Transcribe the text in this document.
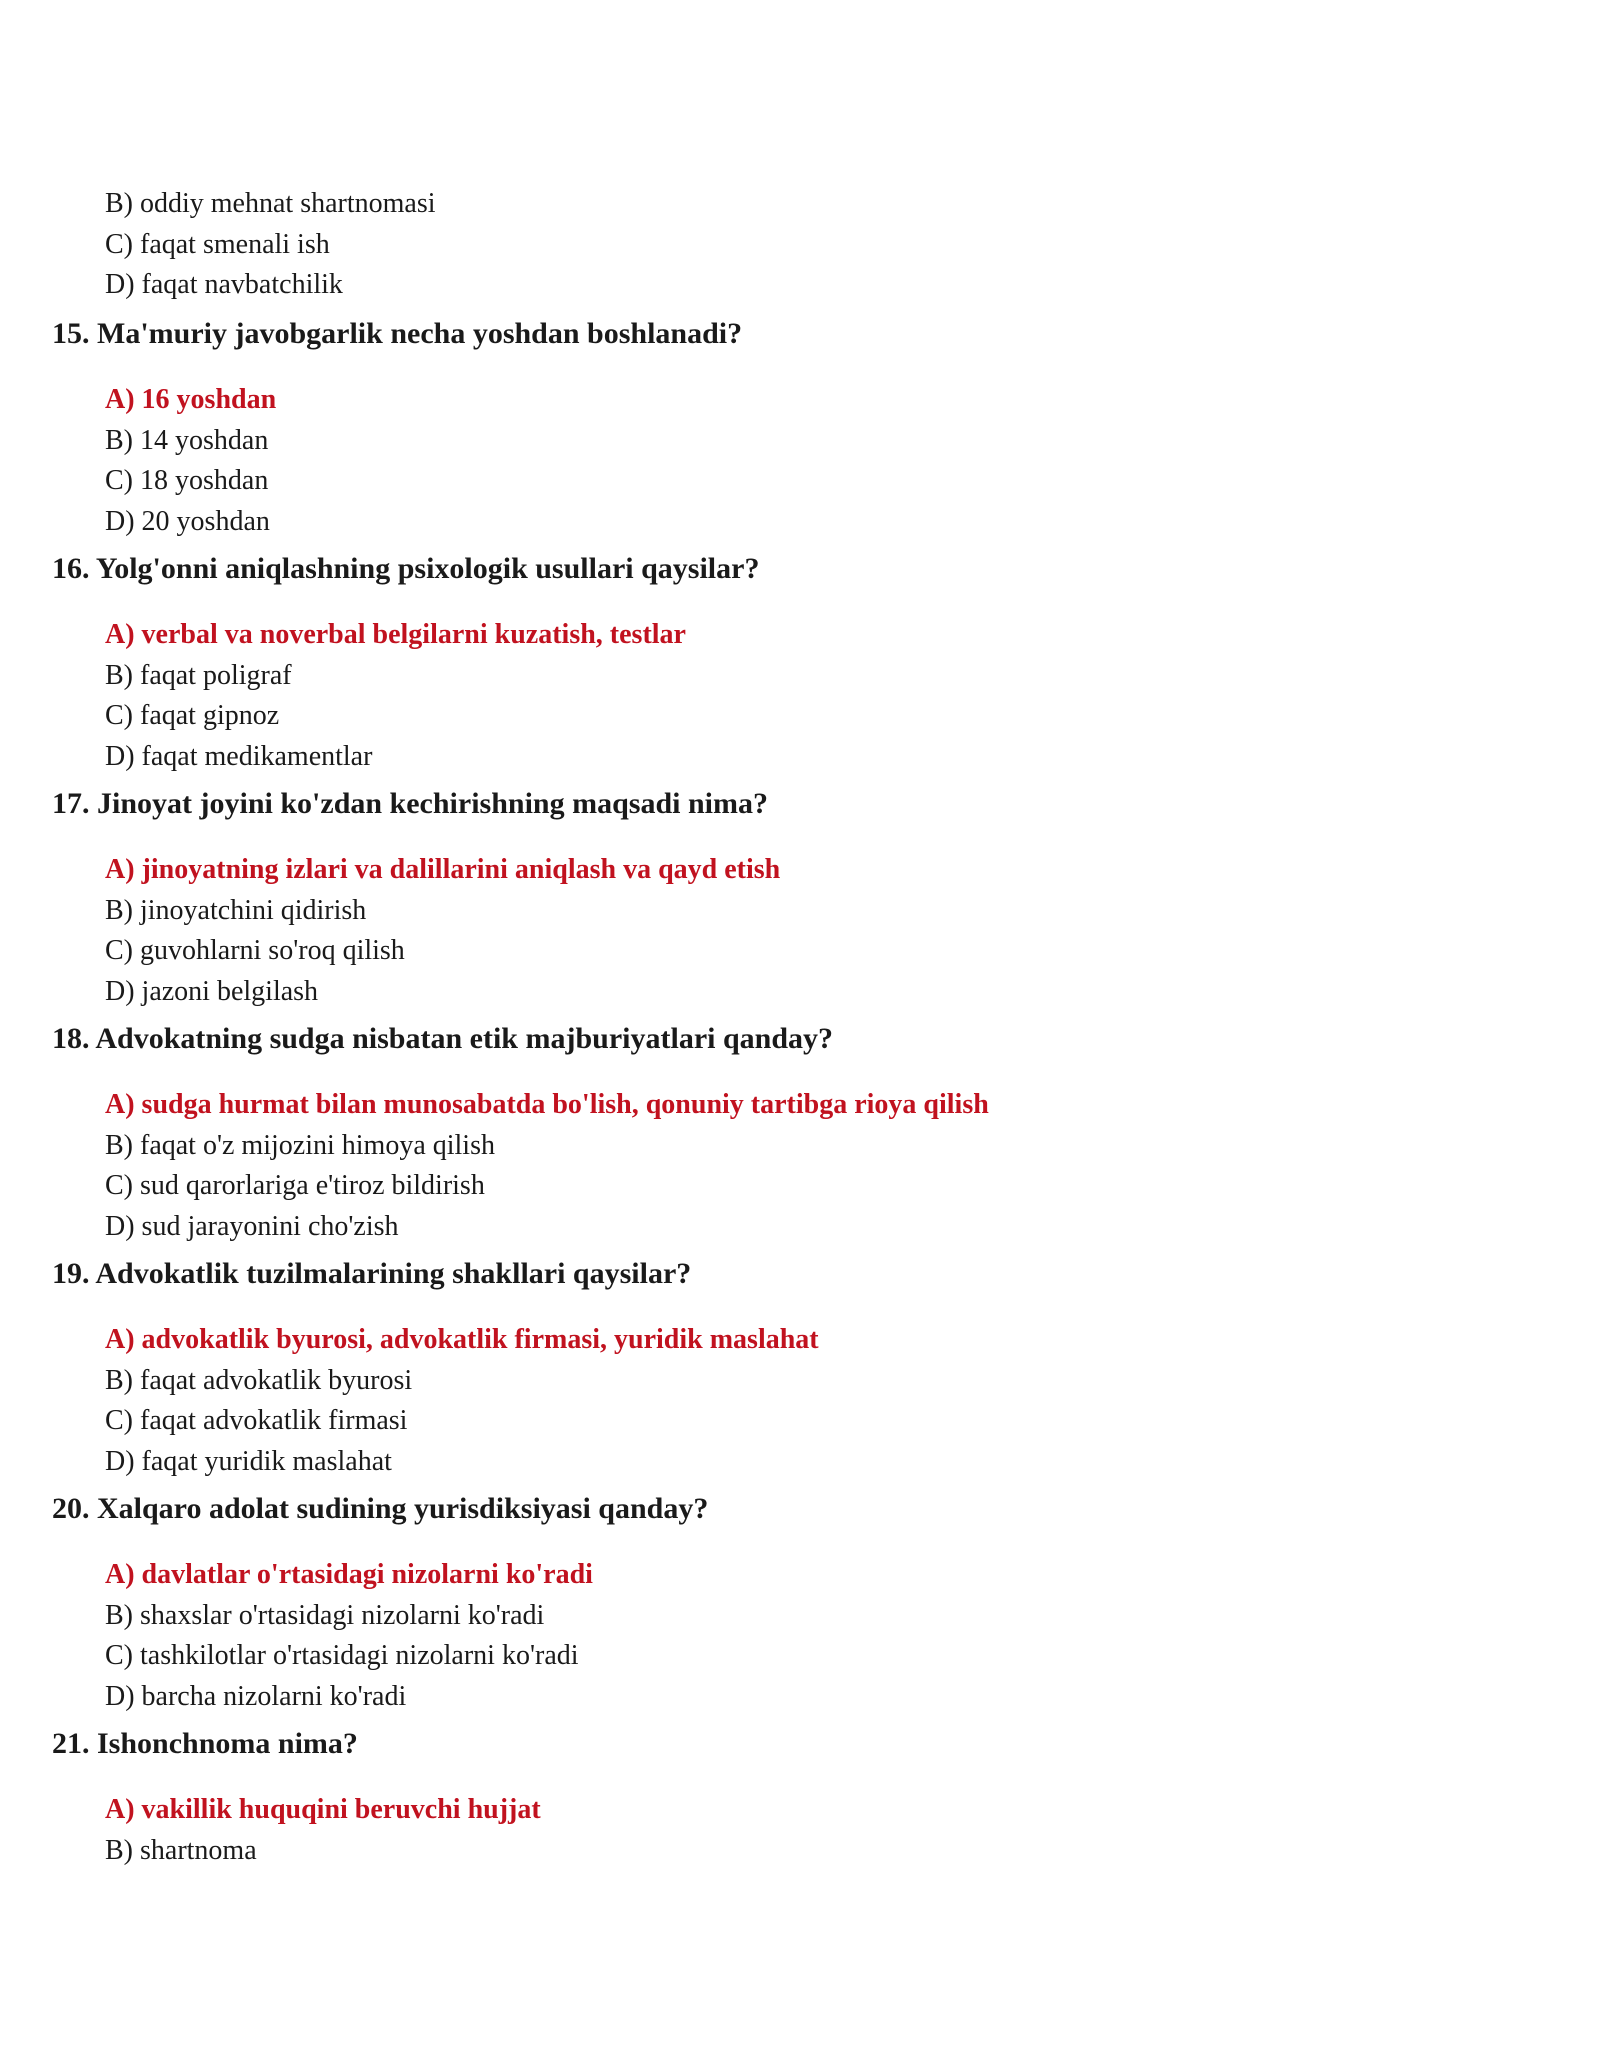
B) oddiy mehnat shartnomasi
C) faqat smenali ish
D) faqat navbatchilik
15. Ma'muriy javobgarlik necha yoshdan boshlanadi?
A) 16 yoshdan
B) 14 yoshdan
C) 18 yoshdan
D) 20 yoshdan
16. Yolg'onni aniqlashning psixologik usullari qaysilar?
A) verbal va noverbal belgilarni kuzatish, testlar
B) faqat poligraf
C) faqat gipnoz
D) faqat medikamentlar
17. Jinoyat joyini ko'zdan kechirishning maqsadi nima?
A) jinoyatning izlari va dalillarini aniqlash va qayd etish
B) jinoyatchini qidirish
C) guvohlarni so'roq qilish
D) jazoni belgilash
18. Advokatning sudga nisbatan etik majburiyatlari qanday?
A) sudga hurmat bilan munosabatda bo'lish, qonuniy tartibga rioya qilish
B) faqat o'z mijozini himoya qilish
C) sud qarorlariga e'tiroz bildirish
D) sud jarayonini cho'zish
19. Advokatlik tuzilmalarining shakllari qaysilar?
A) advokatlik byurosi, advokatlik firmasi, yuridik maslahat
B) faqat advokatlik byurosi
C) faqat advokatlik firmasi
D) faqat yuridik maslahat
20. Xalqaro adolat sudining yurisdiksiyasi qanday?
A) davlatlar o'rtasidagi nizolarni ko'radi
B) shaxslar o'rtasidagi nizolarni ko'radi
C) tashkilotlar o'rtasidagi nizolarni ko'radi
D) barcha nizolarni ko'radi
21. Ishonchnoma nima?
A) vakillik huquqini beruvchi hujjat
B) shartnoma
